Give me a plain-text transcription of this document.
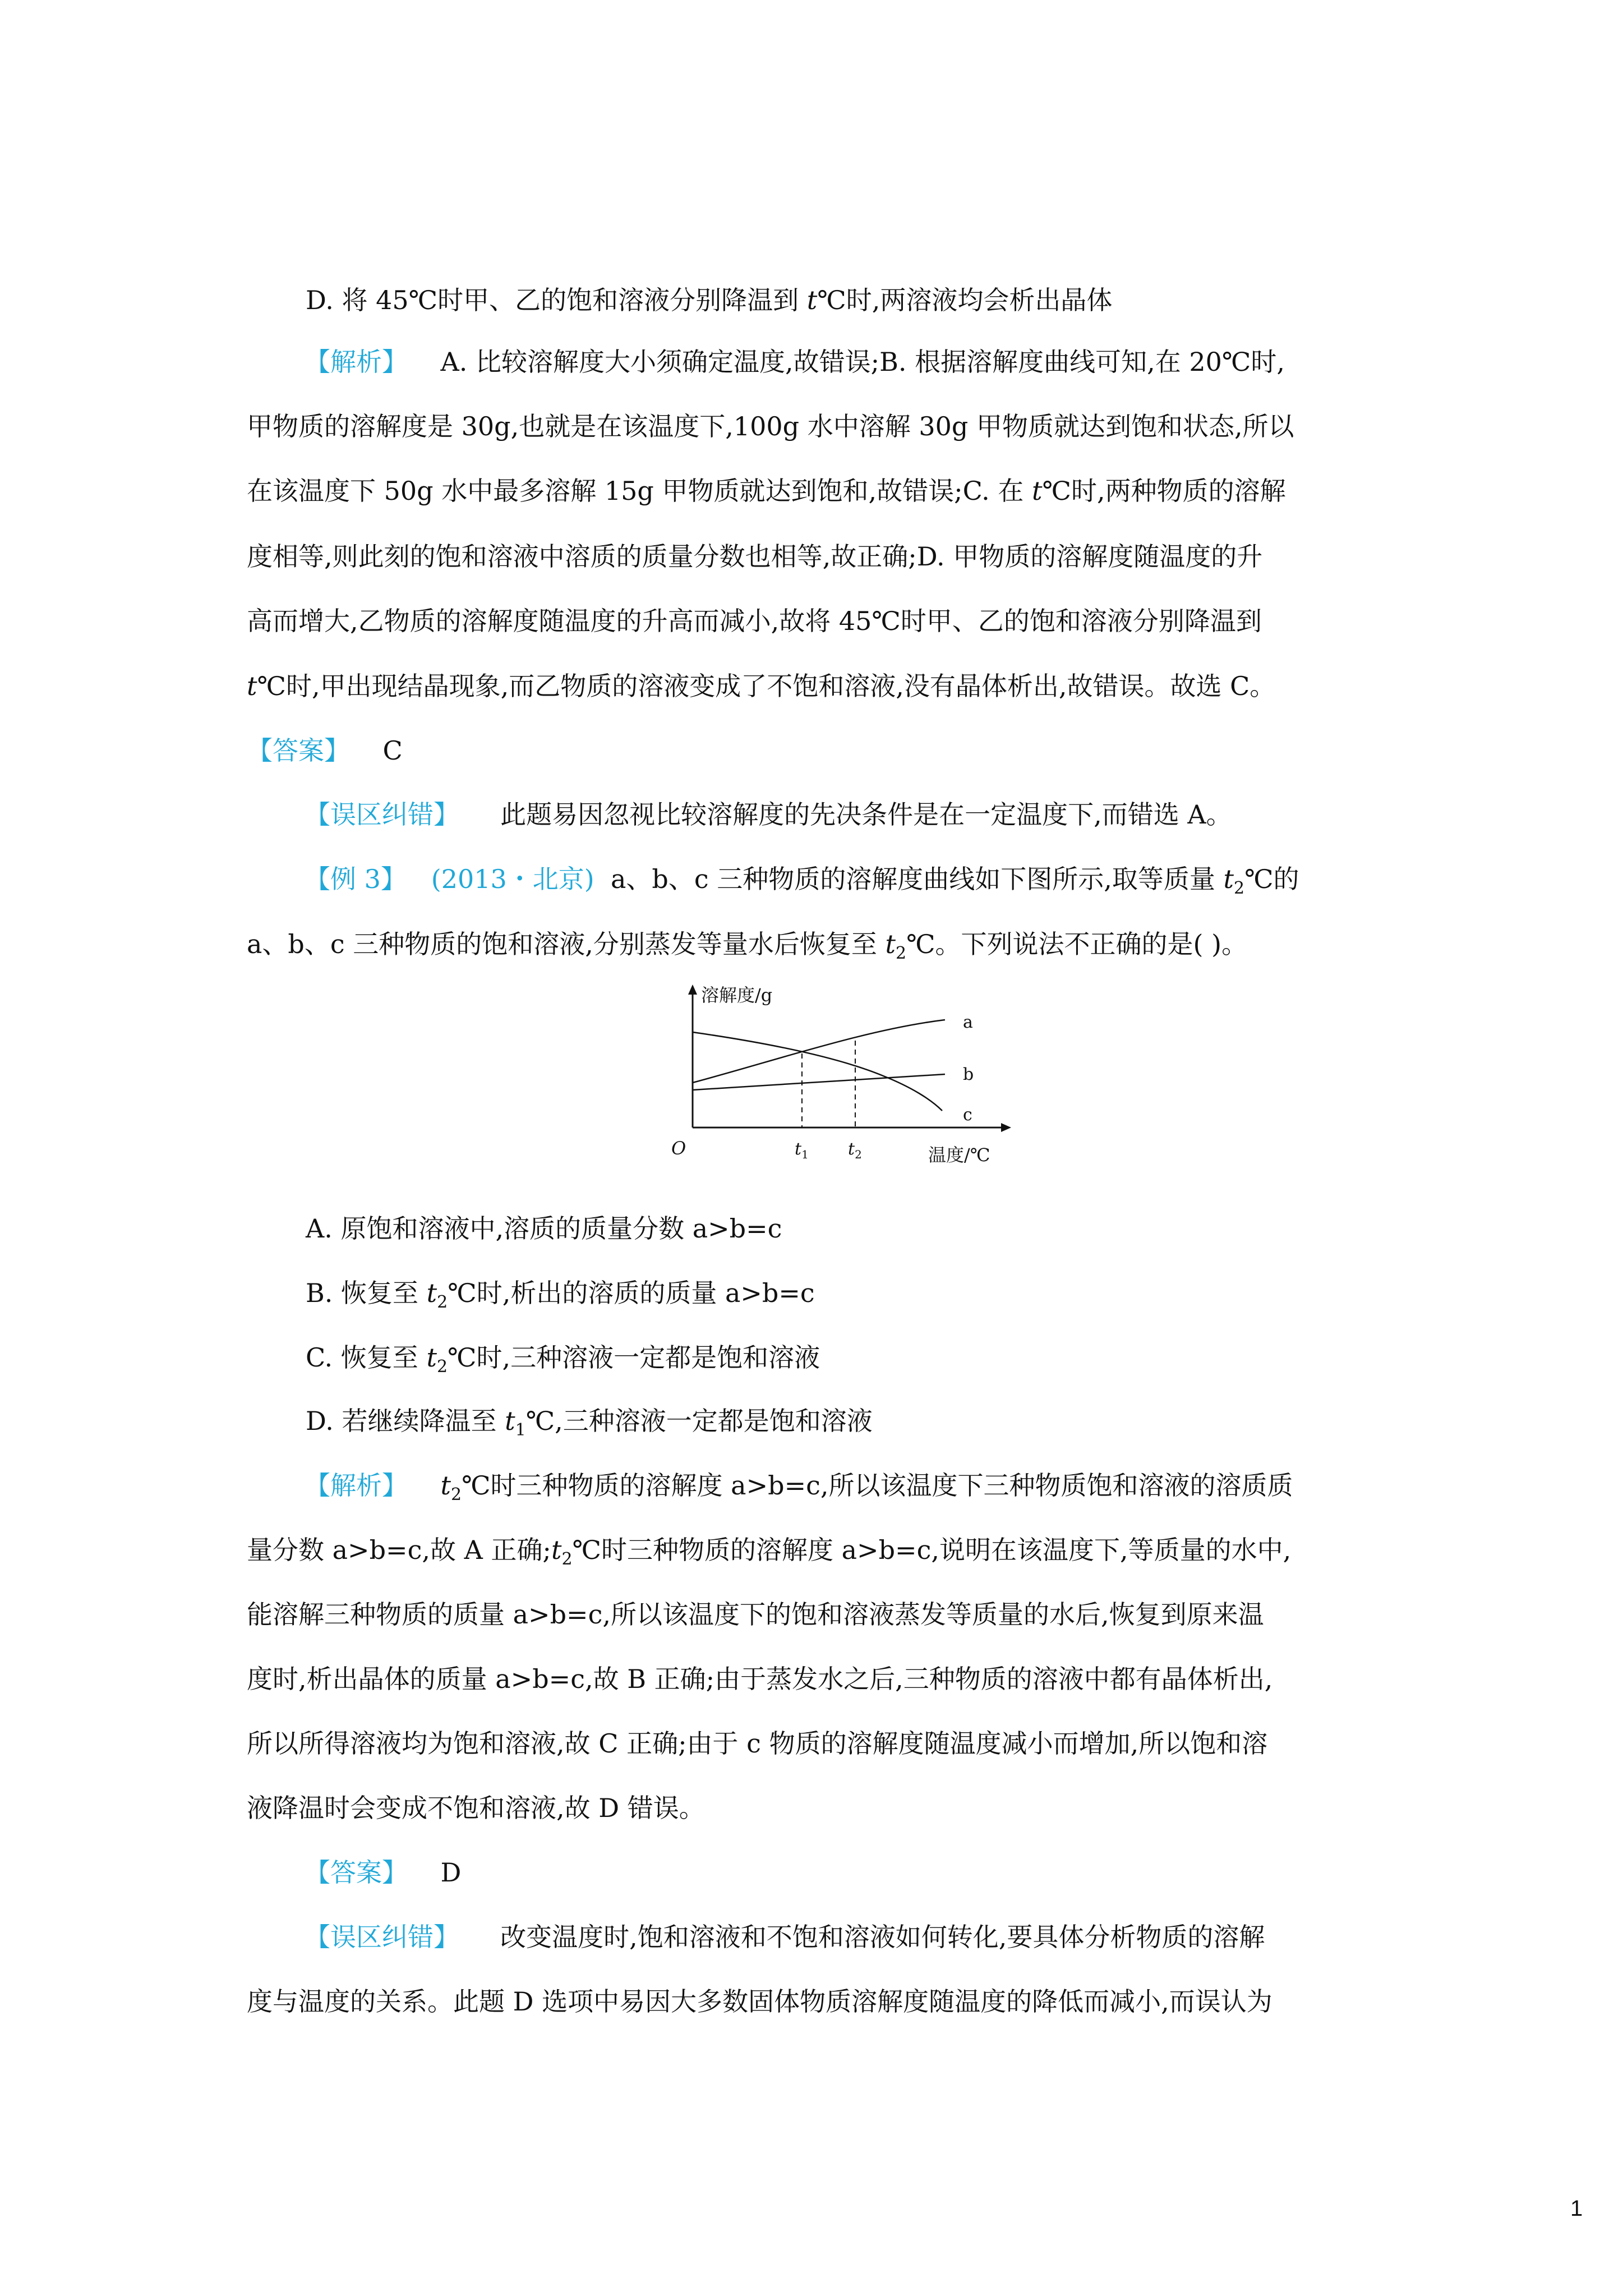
D. 将 45℃时甲、乙的饱和溶液分别降温到 t℃时,两溶液均会析出晶体
【解析】 A. 比较溶解度大小须确定温度,故错误;B. 根据溶解度曲线可知,在 20℃时,
甲物质的溶解度是 30g,也就是在该温度下,100g 水中溶解 30g 甲物质就达到饱和状态,所以
在该温度下 50g 水中最多溶解 15g 甲物质就达到饱和,故错误;C. 在 t℃时,两种物质的溶解
度相等,则此刻的饱和溶液中溶质的质量分数也相等,故正确;D. 甲物质的溶解度随温度的升
高而增大,乙物质的溶解度随温度的升高而减小,故将 45℃时甲、乙的饱和溶液分别降温到
t℃时,甲出现结晶现象,而乙物质的溶液变成了不饱和溶液,没有晶体析出,故错误。故选 C。
【答案】 C
【误区纠错】 此题易因忽视比较溶解度的先决条件是在一定温度下,而错选 A。
【例 3】 (2013・北京) a、b、c 三种物质的溶解度曲线如下图所示,取等质量 $t_2℃$的
a、b、c 三种物质的饱和溶液,分别蒸发等量水后恢复至 $t_2℃$。下列说法不正确的是( )。
溶解度/g
温度/℃
O
a
b
c
$t_1$ $t_2$
A. 原饱和溶液中,溶质的质量分数 a>b=c
B. 恢复至 $t_2℃$时,析出的溶质的质量 a>b=c
C. 恢复至 $t_2℃$时,三种溶液一定都是饱和溶液
D. 若继续降温至 $t_1℃$,三种溶液一定都是饱和溶液
【解析】 $t_2℃$时三种物质的溶解度 a>b=c,所以该温度下三种物质饱和溶液的溶质质
量分数 a>b=c,故 A 正确$;t_2℃$时三种物质的溶解度 a>b=c,说明在该温度下,等质量的水中,
能溶解三种物质的质量 a>b=c,所以该温度下的饱和溶液蒸发等质量的水后,恢复到原来温
度时,析出晶体的质量 a>b=c,故 B 正确;由于蒸发水之后,三种物质的溶液中都有晶体析出,
所以所得溶液均为饱和溶液,故 C 正确;由于 c 物质的溶解度随温度减小而增加,所以饱和溶
液降温时会变成不饱和溶液,故 D 错误。
【答案】 D
【误区纠错】 改变温度时,饱和溶液和不饱和溶液如何转化,要具体分析物质的溶解
度与温度的关系。此题 D 选项中易因大多数固体物质溶解度随温度的降低而减小,而误认为
1
